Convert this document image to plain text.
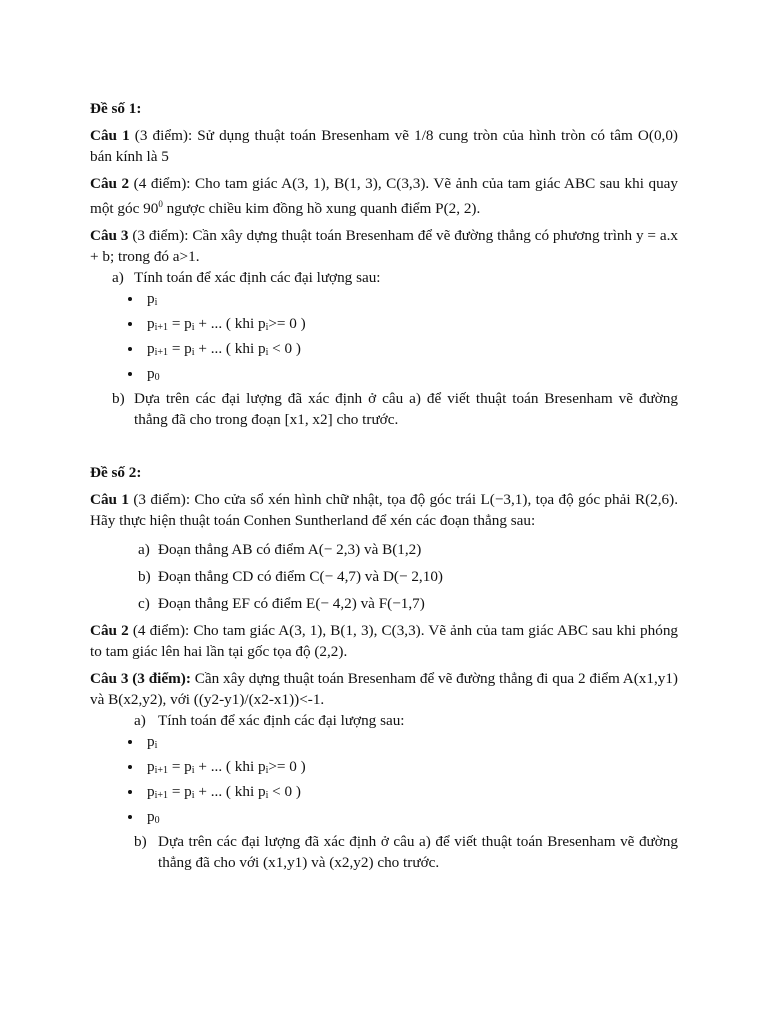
Đề số 1:

Câu 1 (3 điểm): Sử dụng thuật toán Bresenham vẽ 1/8 cung tròn của hình tròn có tâm O(0,0) bán kính là 5

Câu 2 (4 điểm): Cho tam giác A(3, 1), B(1, 3), C(3,3). Vẽ ảnh của tam giác ABC sau khi quay một góc $90^0$ ngược chiều kim đồng hồ xung quanh điểm P(2, 2).

Câu 3 (3 điểm): Cần xây dựng thuật toán Bresenham để vẽ đường thẳng có phương trình y = a.x + b; trong đó a>1.

a) Tính toán để xác định các đại lượng sau:
$p_i$
$p_{i+1} = p_i$ + ... ( khi $p_i>= 0$ )
$p_{i+1} = p_i$ + ... ( khi $p_i < 0$ )
$p_0$
b) Dựa trên các đại lượng đã xác định ở câu a) để viết thuật toán Bresenham vẽ đường thẳng đã cho trong đoạn [x1, x2] cho trước.

Đề số 2:

Câu 1 (3 điểm): Cho cửa sổ xén hình chữ nhật, tọa độ góc trái L(−3,1), tọa độ góc phải R(2,6). Hãy thực hiện thuật toán Conhen Suntherland để xén các đoạn thẳng sau:

a) Đoạn thẳng AB có điểm A(− 2,3) và B(1,2)
b) Đoạn thẳng CD có điểm C(− 4,7) và D(− 2,10)
c) Đoạn thẳng EF có điểm E(− 4,2) và F(−1,7)

Câu 2 (4 điểm): Cho tam giác A(3, 1), B(1, 3), C(3,3). Vẽ ảnh của tam giác ABC sau khi phóng to tam giác lên hai lần tại gốc tọa độ (2,2).

Câu 3 (3 điểm): Cần xây dựng thuật toán Bresenham để vẽ đường thẳng đi qua 2 điểm A(x1,y1) và B(x2,y2), với ((y2-y1)/(x2-x1))<-1.

a) Tính toán để xác định các đại lượng sau:
$p_i$
$p_{i+1} = p_i$ + ... ( khi $p_i>= 0$ )
$p_{i+1} = p_i$ + ... ( khi $p_i < 0$ )
$p_0$
b) Dựa trên các đại lượng đã xác định ở câu a) để viết thuật toán Bresenham vẽ đường thẳng đã cho với (x1,y1) và (x2,y2) cho trước.
